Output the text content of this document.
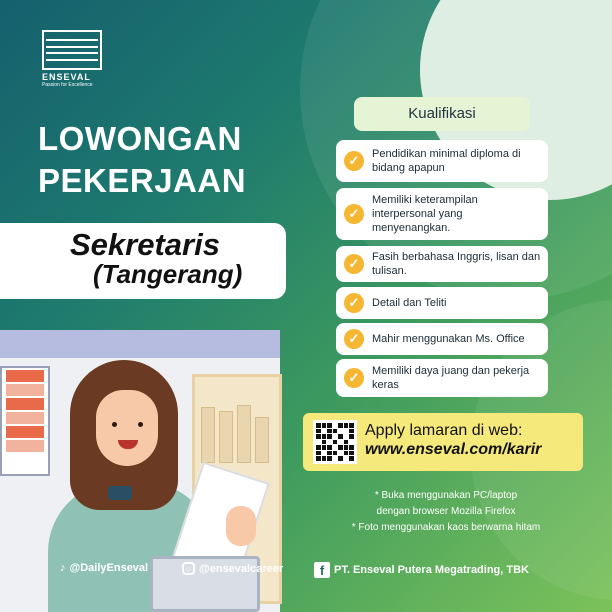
ENSEVAL
Passion for Excellence
LOWONGAN
PEKERJAAN
Sekretaris
(Tangerang)
Kualifikasi
✓	Pendidikan minimal diploma di bidang apapun
✓
Memiliki keterampilan interpersonal yang menyenangkan.
✓	Fasih berbahasa Inggris, lisan dan tulisan.
✓	Detail dan Teliti
✓	Mahir menggunakan Ms. Office
✓	Memiliki daya juang dan pekerja keras
Apply lamaran di web:
www.enseval.com/karir
* Buka menggunakan PC/laptop
dengan browser Mozilla Firefox
* Foto menggunakan kaos berwarna hitam
♪ @DailyEnseval	○ @ensevalcareer	f PT. Enseval Putera Megatrading, TBK
